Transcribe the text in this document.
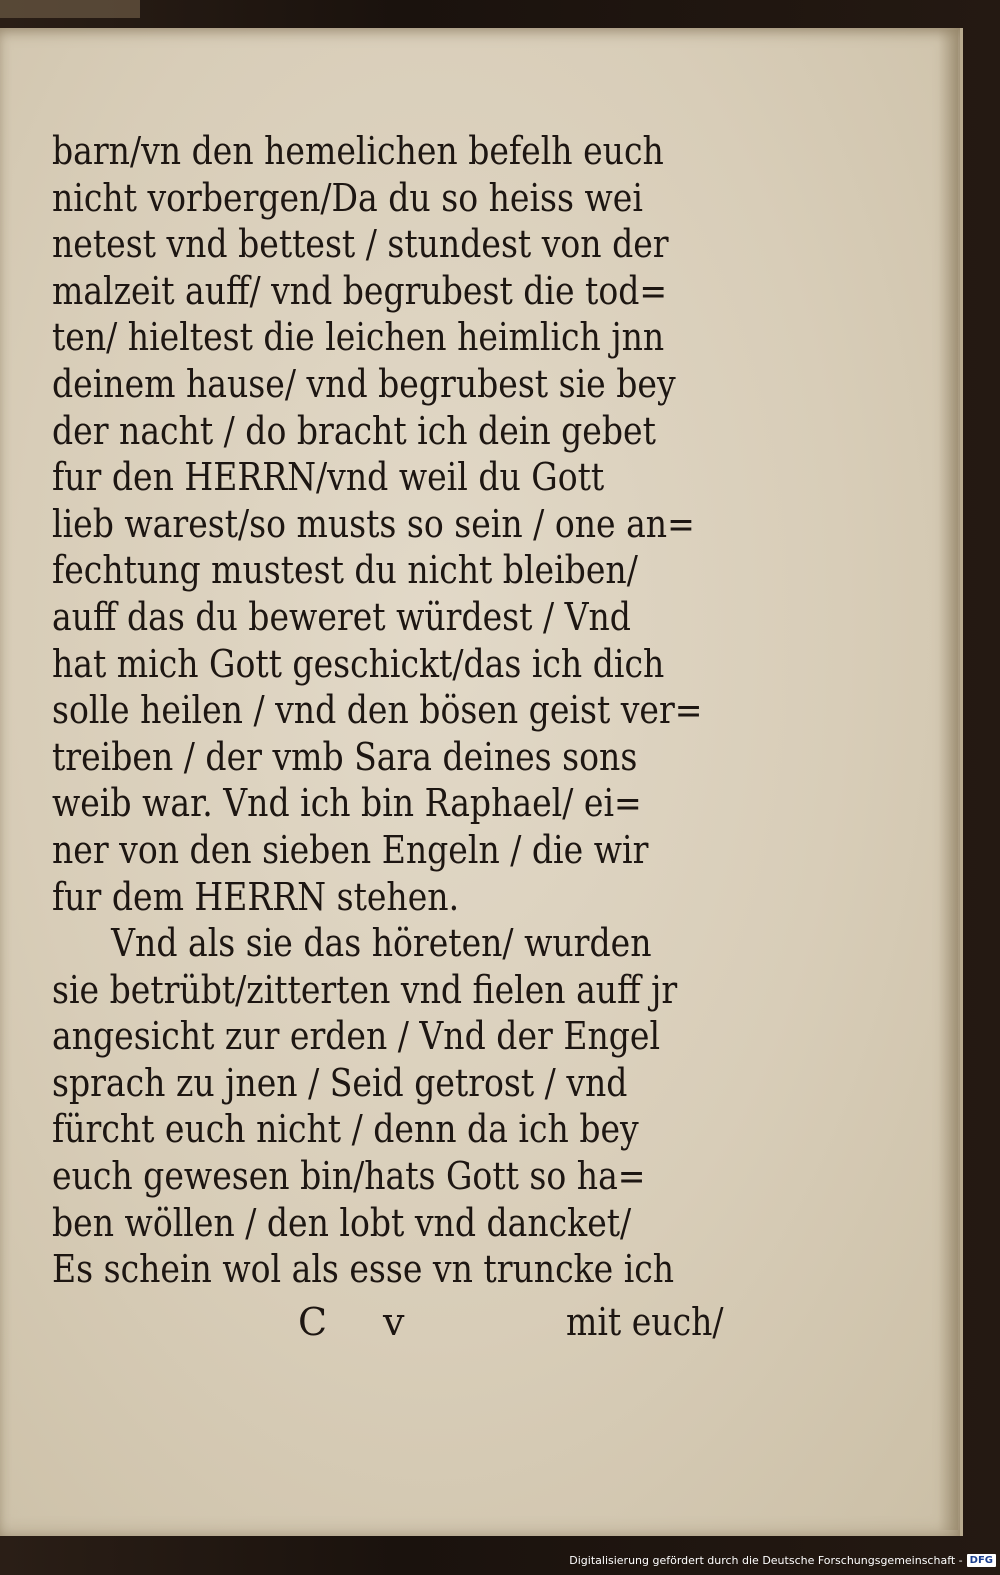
barn/vn den hemelichen befelh euch
nicht vorbergen/Da du so heiss wei
netest vnd bettest / stundest von der
malzeit auff/ vnd begrubest die tod=
ten/ hieltest die leichen heimlich jnn
deinem hause/ vnd begrubest sie bey
der nacht / do bracht ich dein gebet
fur den HERRN/vnd weil du Gott
lieb warest/so musts so sein / one an=
fechtung mustest du nicht bleiben/
auff das du beweret würdest / Vnd
hat mich Gott geschickt/das ich dich
solle heilen / vnd den bösen geist ver=
treiben / der vmb Sara deines sons
weib war. Vnd ich bin Raphael/ ei=
ner von den sieben Engeln / die wir
fur dem HERRN stehen.
Vnd als sie das höreten/ wurden
sie betrübt/zitterten vnd fielen auff jr
angesicht zur erden / Vnd der Engel
sprach zu jnen / Seid getrost / vnd
fürcht euch nicht / denn da ich bey
euch gewesen bin/hats Gott so ha=
ben wöllen / den lobt vnd dancket/
Es schein wol als esse vn truncke ich
C v	mit euch/
Digitalisierung gefördert durch die Deutsche Forschungsgemeinschaft - DFG
